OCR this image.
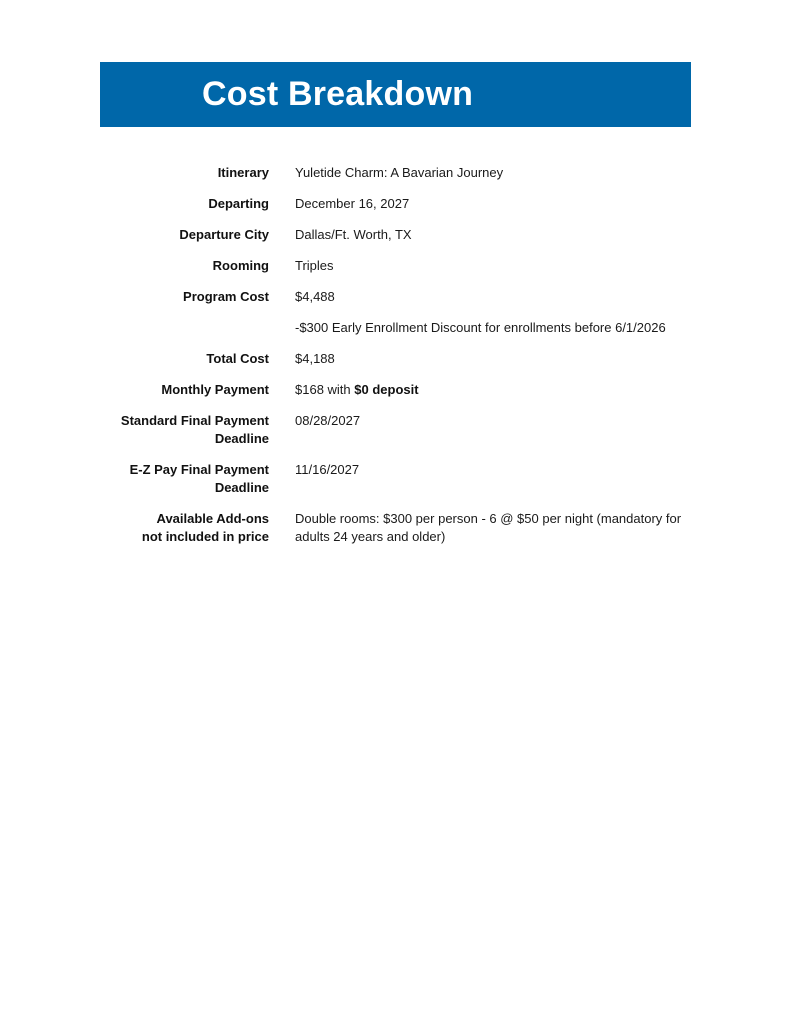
Cost Breakdown
Itinerary Yuletide Charm: A Bavarian Journey
Departing December 16, 2027
Departure City Dallas/Ft. Worth, TX
Rooming Triples
Program Cost $4,488
-$300 Early Enrollment Discount for enrollments before 6/1/2026
Total Cost $4,188
Monthly Payment $168 with $0 deposit
Standard Final Payment
Deadline
08/28/2027
E-Z Pay Final Payment
Deadline
11/16/2027
Available Add-ons
not included in price
Double rooms: $300 per person - 6 @ $50 per night (mandatory for adults 24 years and older)
